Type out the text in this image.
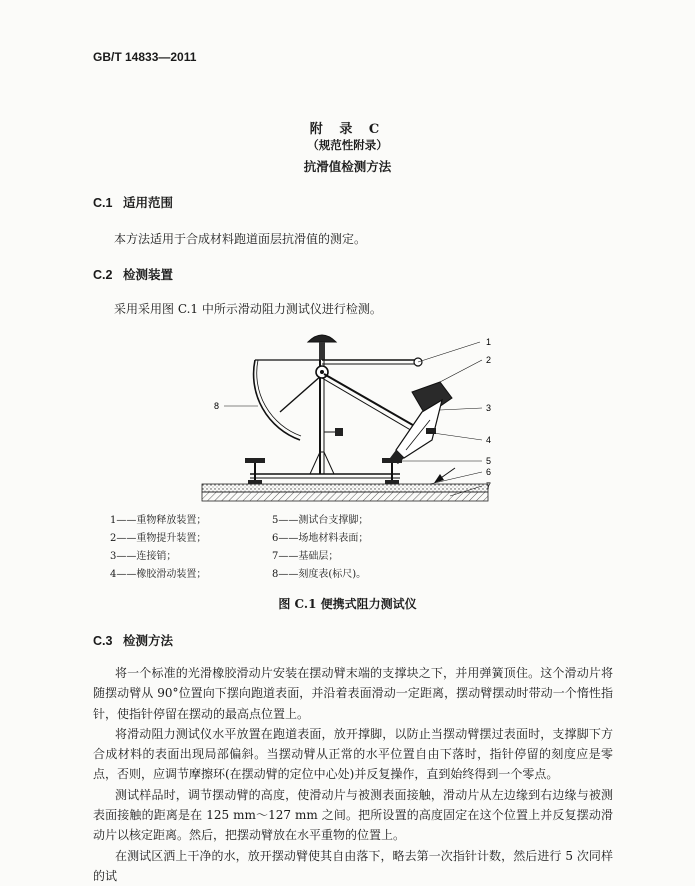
GB/T 14833—2011
附 录 C
（规范性附录）
抗滑值检测方法
C.1 适用范围
本方法适用于合成材料跑道面层抗滑值的测定。
C.2 检测装置
采用采用图 C.1 中所示滑动阻力测试仪进行检测。
1
2
3
4
5
6
7
8
1——重物释放装置；
2——重物提升装置；
3——连接销；
4——橡胶滑动装置；
5——测试台支撑脚；
6——场地材料表面；
7——基础层；
8——刻度表(标尺)。
图 C.1 便携式阻力测试仪
C.3 检测方法

将一个标准的光滑橡胶滑动片安装在摆动臂末端的支撑块之下，并用弹簧顶住。这个滑动片将随摆动臂从 90°位置向下摆向跑道表面，并沿着表面滑动一定距离，摆动臂摆动时带动一个惰性指针，使指针停留在摆动的最高点位置上。

将滑动阻力测试仪水平放置在跑道表面，放开撑脚，以防止当摆动臂摆过表面时，支撑脚下方合成材料的表面出现局部偏斜。当摆动臂从正常的水平位置自由下落时，指针停留的刻度应是零点，否则，应调节摩擦环(在摆动臂的定位中心处)并反复操作，直到始终得到一个零点。

测试样品时，调节摆动臂的高度，使滑动片与被测表面接触，滑动片从左边缘到右边缘与被测表面接触的距离是在 125 mm～127 mm 之间。把所设置的高度固定在这个位置上并反复摆动滑动片以核定距离。然后，把摆动臂放在水平重物的位置上。

在测试区洒上干净的水，放开摆动臂使其自由落下，略去第一次指针计数，然后进行 5 次同样的试
